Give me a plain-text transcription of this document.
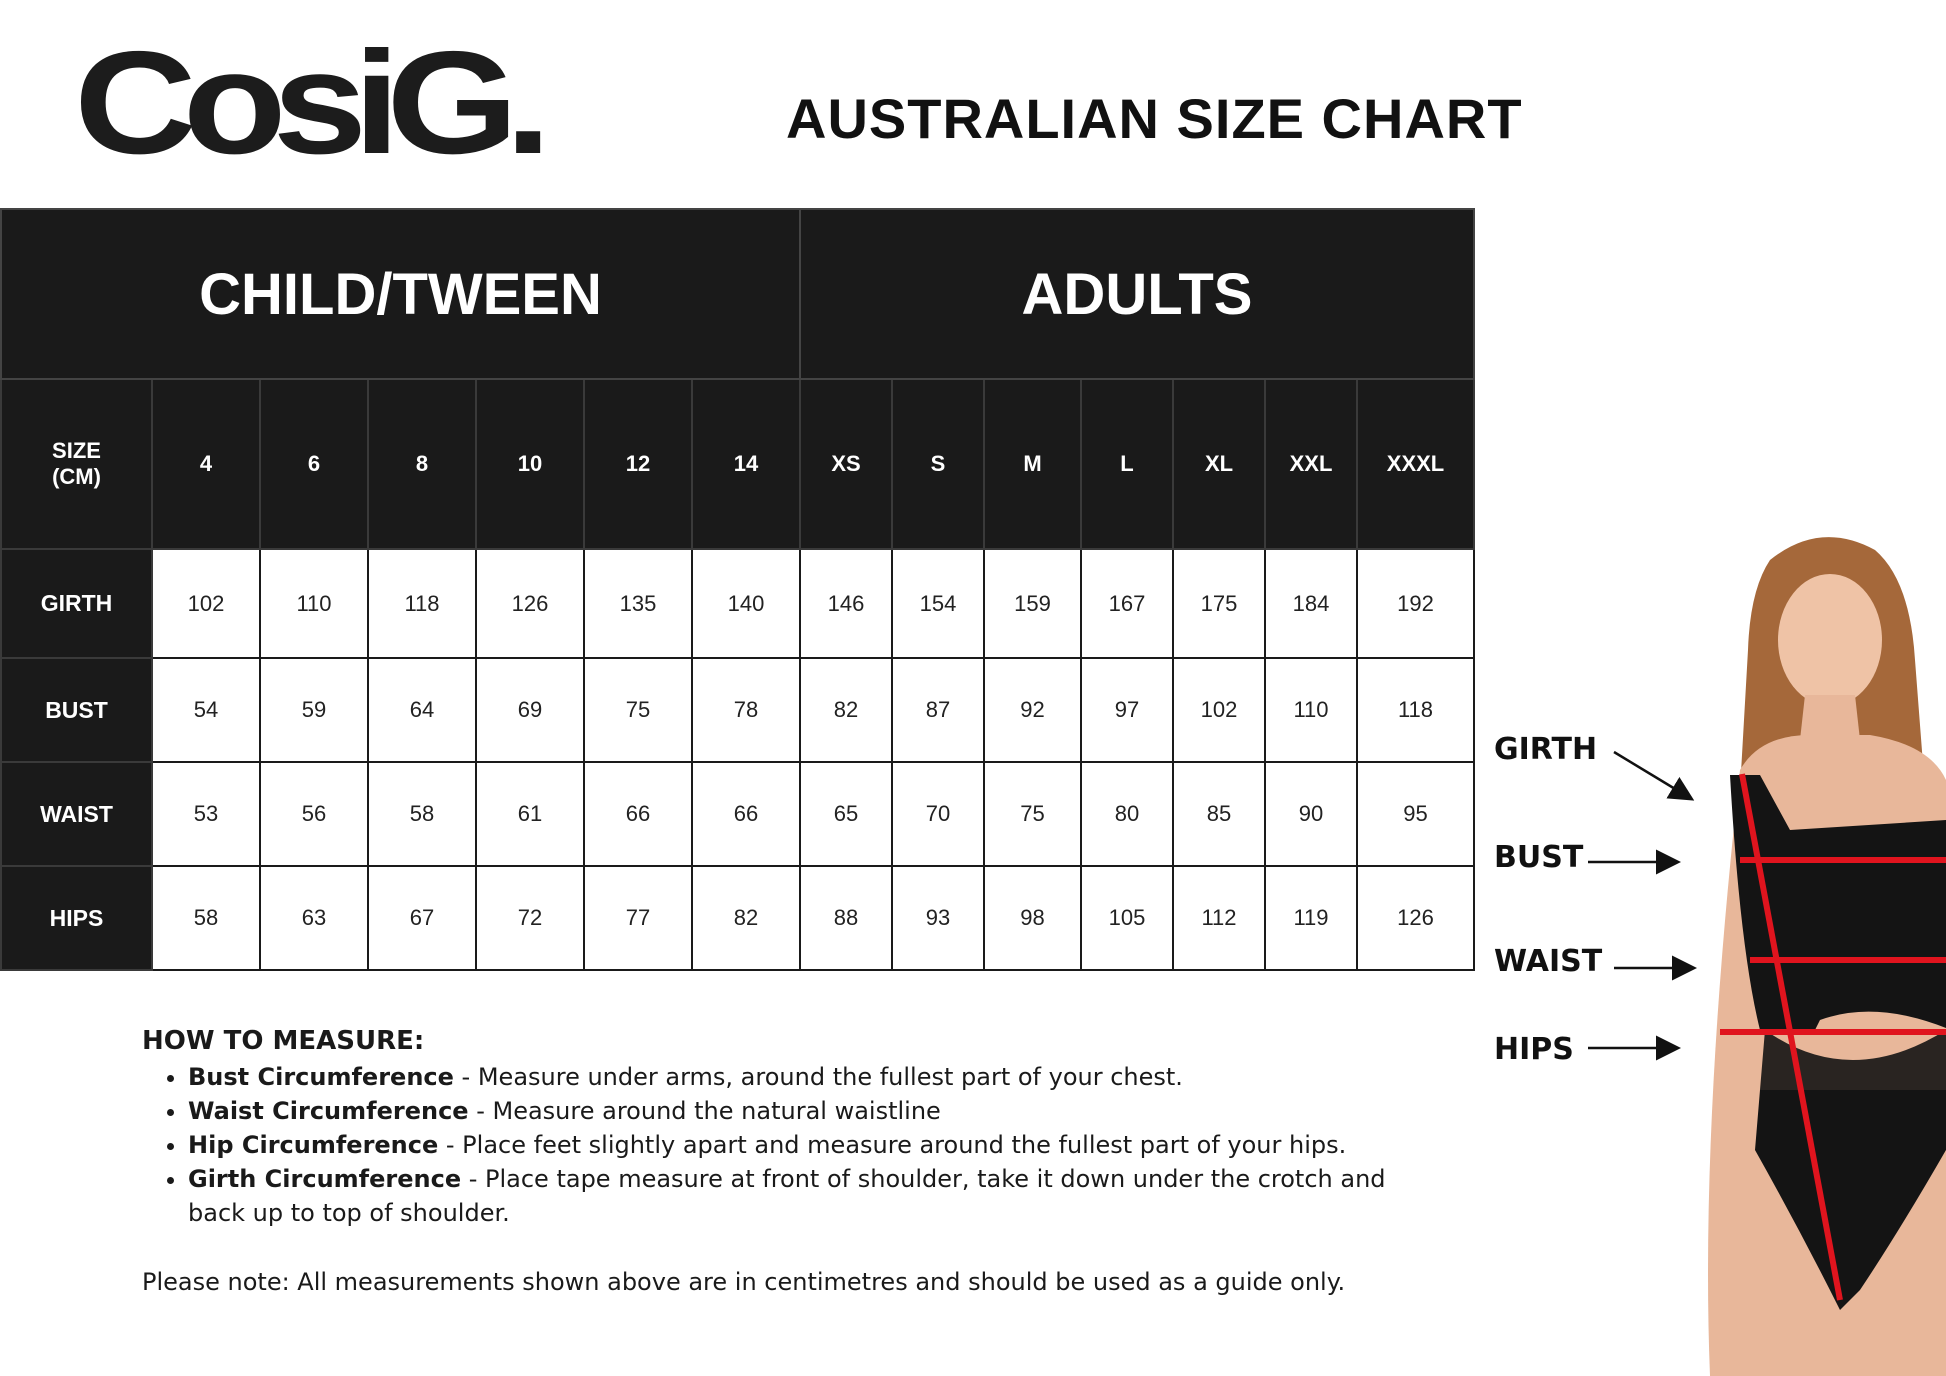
CosiG.	AUSTRALIAN SIZE CHART
CHILD/TWEEN							ADULTS						
SIZE
(CM)	4	6	8	10	12	14	XS	S	M	L	XL	XXL	XXXL
GIRTH	102	110	118	126	135	140	146	154	159	167	175	184	192
BUST	54	59	64	69	75	78	82	87	92	97	102	110	118
WAIST	53	56	58	61	66	66	65	70	75	80	85	90	95
HIPS	58	63	67	72	77	82	88	93	98	105	112	119	126
HOW TO MEASURE:
• Bust Circumference - Measure under arms, around the fullest part of your chest.
• Waist Circumference - Measure around the natural waistline
• Hip Circumference - Place feet slightly apart and measure around the fullest part of your hips.
• Girth Circumference - Place tape measure at front of shoulder, take it down under the crotch and back up to top of shoulder.
Please note: All measurements shown above are in centimetres and should be used as a guide only.
GIRTH
BUST
WAIST
HIPS
